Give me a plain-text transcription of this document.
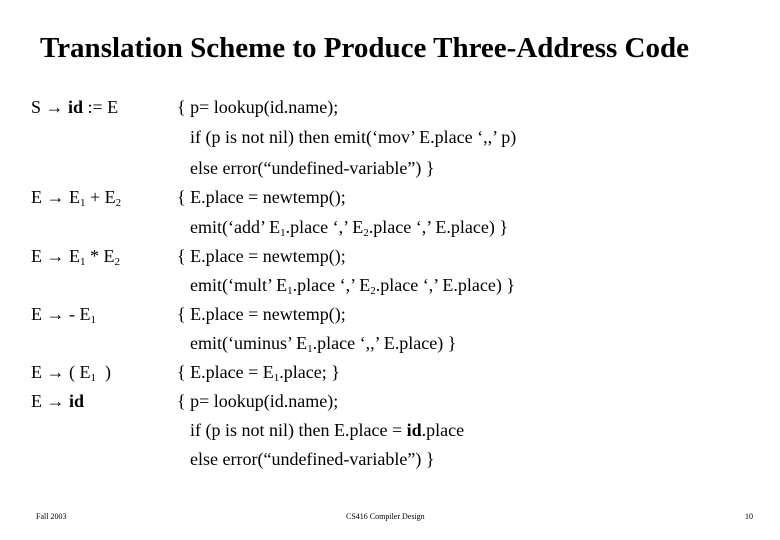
Translation Scheme to Produce Three-Address Code
S → id := E	{ p= lookup(id.name);
if (p is not nil) then emit(‘mov’ E.place ‘,,’ p)
else error(“undefined-variable”) }
$E \to E_1 + E_2$	{ E.place = newtemp();
emit(‘add’ $E_1.place$ ‘,’ $E_2.place$ ‘,’ E.place) }
$E \to E_1 * E_2$	{ E.place = newtemp();
emit(‘mult’ $E_1.place$ ‘,’ $E_2.place$ ‘,’ E.place) }
E → - $E_1$	{ E.place = newtemp();
emit(‘uminus’ $E_1.place$ ‘,,’ E.place) }
E → ( $E_1$  )	{ E.place = $E_1.place$; }
E → id	{ p= lookup(id.name);
if (p is not nil) then E.place = id.place
else error(“undefined-variable”) }
Fall 2003	CS416 Compiler Design	10
